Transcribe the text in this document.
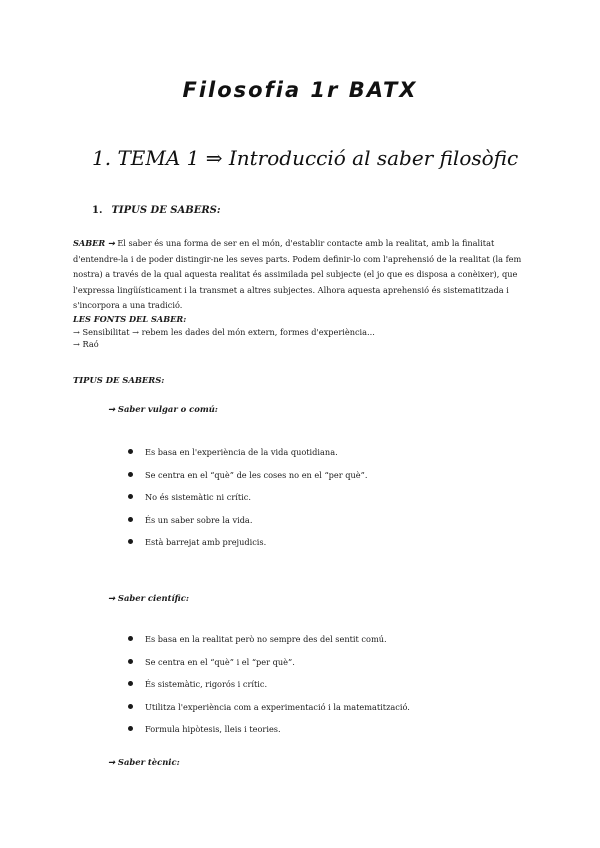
Filosofia 1r BATX
1. TEMA 1 ⇒ Introducció al saber filosòfic
1. TIPUS DE SABERS:
SABER ➞ El saber és una forma de ser en el món, d'establir contacte amb la realitat, amb la finalitat d'entendre-la i de poder distingir-ne les seves parts. Podem definir-lo com l'aprehensió de la realitat (la fem nostra) a través de la qual aquesta realitat és assimilada pel subjecte (el jo que es disposa a conèixer), que l'expressa lingüísticament i la transmet a altres subjectes. Alhora aquesta aprehensió és sistematitzada i s'incorpora a una tradició.
LES FONTS DEL SABER:
→ Sensibilitat → rebem les dades del món extern, formes d'experiència...
→ Raó
TIPUS DE SABERS:
➞ Saber vulgar o comú:
Es basa en l'experiència de la vida quotidiana.
Se centra en el “què” de les coses no en el “per què”.
No és sistemàtic ni crític.
És un saber sobre la vida.
Està barrejat amb prejudicis.
➞ Saber científic:
Es basa en la realitat però no sempre des del sentit comú.
Se centra en el “què” i el “per què”.
És sistemàtic, rigorós i crític.
Utilitza l'experiència com a experimentació i la matematització.
Formula hipòtesis, lleis i teories.
➞ Saber tècnic:
